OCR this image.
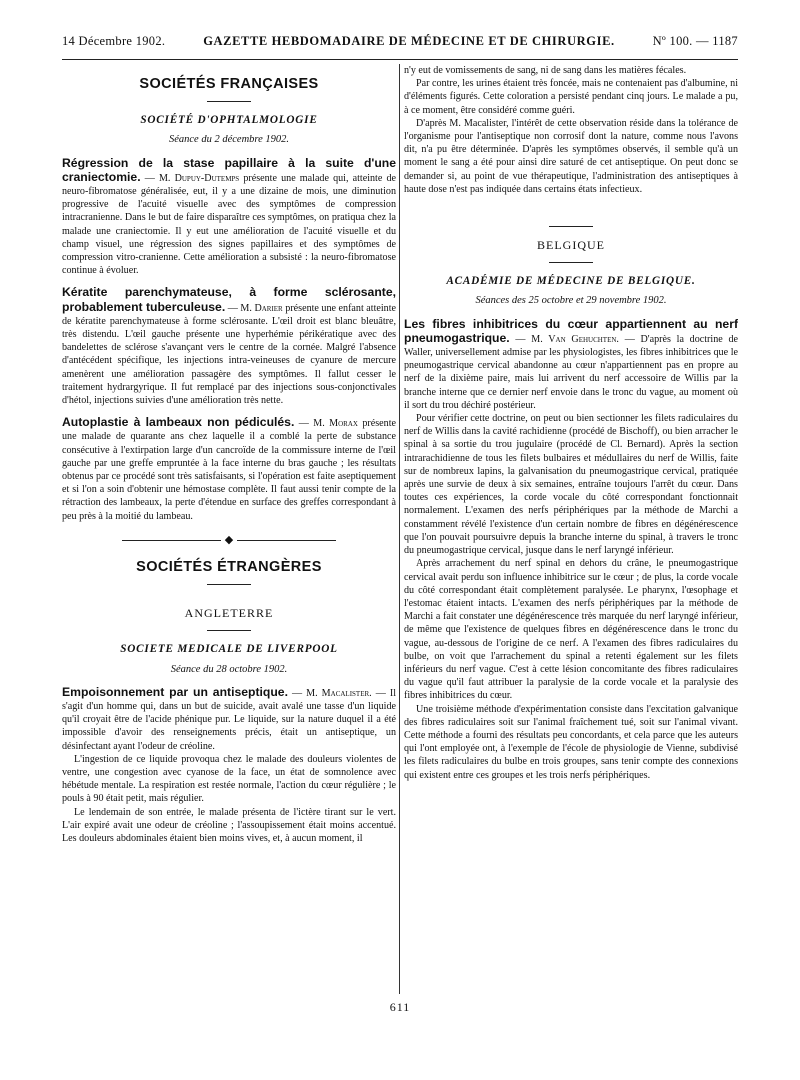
14 Décembre 1902.	GAZETTE HEBDOMADAIRE DE MÉDECINE ET DE CHIRURGIE.	Nº 100. — 1187
SOCIÉTÉS FRANÇAISES
SOCIÉTÉ D'OPHTALMOLOGIE
Séance du 2 décembre 1902.

Régression de la stase papillaire à la suite d'une craniectomie. — M. Dupuy-Dutemps présente une malade qui, atteinte de neuro-fibromatose généralisée, eut, il y a une dizaine de mois, une diminution progressive de l'acuité visuelle avec des symptômes de compression intracranienne. Dans le but de faire disparaître ces symptômes, on pratiqua chez la malade une craniectomie. Il y eut une amélioration de l'acuité visuelle et du champ visuel, une régression des signes papillaires et des symptômes de compression vitro-cranienne. Cette amélioration a subsisté : la neuro-fibromatose continue à évoluer.

Kératite parenchymateuse, à forme sclérosante, probablement tuberculeuse. — M. Darier présente une enfant atteinte de kératite parenchymateuse à forme sclérosante. L'œil droit est blanc bleuâtre, très distendu. L'œil gauche présente une hyperhémie périkératique avec des bandelettes de sclérose s'avançant vers le centre de la cornée. Malgré l'absence d'antécédent spécifique, les injections intra-veineuses de cyanure de mercure amenèrent une amélioration passagère des symptômes. Il fallut cesser le traitement hydrargyrique. Il fut remplacé par des injections sous-conjonctivales d'hétol, injections suivies d'une amélioration très nette.

Autoplastie à lambeaux non pédiculés. — M. Morax présente une malade de quarante ans chez laquelle il a comblé la perte de substance consécutive à l'extirpation large d'un cancroïde de la commissure interne de l'œil gauche par une greffe empruntée à la face interne du bras gauche ; les résultats obtenus par ce procédé sont très satisfaisants, si l'opération est faite aseptiquement et si l'on a soin d'obtenir une hémostase complète. Il faut aussi tenir compte de la rétraction des lambeaux, la perte d'étendue en surface des greffes correspondant à peu près à la moitié du lambeau.

◆
SOCIÉTÉS ÉTRANGÈRES
ANGLETERRE
SOCIETE MEDICALE DE LIVERPOOL
Séance du 28 octobre 1902.

Empoisonnement par un antiseptique. — M. Macalister. — Il s'agit d'un homme qui, dans un but de suicide, avait avalé une tasse d'un liquide qu'il croyait être de l'acide phénique pur. Le liquide, sur la nature duquel il a été impossible d'avoir des renseignements précis, était un antiseptique, un désinfectant ayant l'odeur de créoline.

L'ingestion de ce liquide provoqua chez le malade des douleurs violentes de ventre, une congestion avec cyanose de la face, un état de somnolence avec hébétude mentale. La respiration est restée normale, l'action du cœur régulière ; le pouls à 90 était petit, mais régulier.

Le lendemain de son entrée, le malade présenta de l'ictère tirant sur le vert. L'air expiré avait une odeur de créoline ; l'assoupissement était moins accentué. Les douleurs abdominales étaient bien moins vives, et, à aucun moment, il

n'y eut de vomissements de sang, ni de sang dans les matières fécales.

Par contre, les urines étaient très foncée, mais ne contenaient pas d'albumine, ni d'éléments figurés. Cette coloration a persisté pendant cinq jours. Le malade a pu, à ce moment, être considéré comme guéri.

D'après M. Macalister, l'intérêt de cette observation réside dans la tolérance de l'organisme pour l'antiseptique non corrosif dont la nature, comme nous l'avons dit, n'a pu être déterminée. D'après les symptômes observés, il semble qu'à un moment le sang a été pour ainsi dire saturé de cet antiseptique. On peut donc se demander si, au point de vue thérapeutique, l'administration des antiseptiques à haute dose n'est pas indiquée dans certains états infectieux.

BELGIQUE
ACADÉMIE DE MÉDECINE DE BELGIQUE.
Séances des 25 octobre et 29 novembre 1902.

Les fibres inhibitrices du cœur appartiennent au nerf pneumogastrique. — M. Van Gehuchten. — D'après la doctrine de Waller, universellement admise par les physiologistes, les fibres inhibitrices que le pneumogastrique cervical abandonne au cœur n'appartiennent pas en propre au nerf de la dixième paire, mais lui arrivent du nerf accessoire de Willis par la branche interne que ce dernier nerf envoie dans le tronc du vague, au moment où il sort du trou déchiré postérieur.

Pour vérifier cette doctrine, on peut ou bien sectionner les filets radiculaires du nerf de Willis dans la cavité rachidienne (procédé de Bischoff), ou bien arracher le spinal à sa sortie du trou jugulaire (procédé de Cl. Bernard). Après la section intrarachidienne de tous les filets bulbaires et médullaires du nerf de Willis, faite sur de nombreux lapins, la galvanisation du pneumogastrique cervical, pratiquée après une survie de deux à six semaines, entraîne toujours l'arrêt du cœur. Dans toutes ces expériences, la corde vocale du côté correspondant fonctionnait normalement. L'examen des nerfs périphériques par la méthode de Marchi a constamment révélé l'existence d'un certain nombre de fibres en dégénérescence que l'on pouvait poursuivre depuis la branche interne du spinal, à travers le tronc du pneumogastrique cervical, jusque dans le nerf laryngé inférieur.

Après arrachement du nerf spinal en dehors du crâne, le pneumogastrique cervical avait perdu son influence inhibitrice sur le cœur ; de plus, la corde vocale du côté correspondant était complètement paralysée. Le pharynx, l'œsophage et l'estomac étaient intacts. L'examen des nerfs périphériques par la méthode de Marchi a fait constater une dégénérescence très marquée du nerf laryngé inférieur, de même que l'existence de quelques fibres en dégénérescence dans le tronc du vague, au-dessous de l'origine de ce nerf. A l'examen des fibres radiculaires du bulbe, on voit que l'arrachement du spinal a retenti également sur les filets inférieurs du nerf vague. C'est à cette lésion concomitante des fibres radiculaires du vague qu'il faut attribuer la paralysie de la corde vocale et la paralysie des fibres inhibitrices du cœur.

Une troisième méthode d'expérimentation consiste dans l'excitation galvanique des fibres radiculaires soit sur l'animal fraîchement tué, soit sur l'animal vivant. Cette méthode a fourni des résultats peu concordants, et cela parce que les auteurs qui l'ont employée ont, à l'exemple de l'école de physiologie de Vienne, subdivisé les filets radiculaires du bulbe en trois groupes, sans tenir compte des connexions qui existent entre ces groupes et les trois nerfs périphériques.

611
